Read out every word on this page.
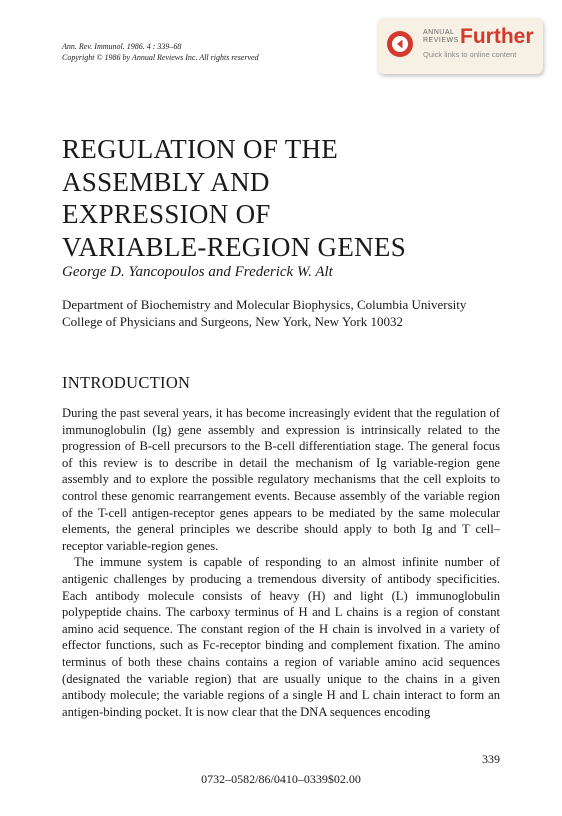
Ann. Rev. Immunol. 1986. 4 : 339–68
Copyright © 1986 by Annual Reviews Inc. All rights reserved
ANNUAL
REVIEWS Further
Quick links to online content
REGULATION OF THE
ASSEMBLY AND
EXPRESSION OF
VARIABLE-REGION GENES
George D. Yancopoulos and Frederick W. Alt
Department of Biochemistry and Molecular Biophysics, Columbia University College of Physicians and Surgeons, New York, New York 10032
INTRODUCTION

During the past several years, it has become increasingly evident that the regulation of immunoglobulin (Ig) gene assembly and expression is intrinsically related to the progression of B-cell precursors to the B-cell differentiation stage. The general focus of this review is to describe in detail the mechanism of Ig variable-region gene assembly and to explore the possible regulatory mechanisms that the cell exploits to control these genomic rearrangement events. Because assembly of the variable region of the T-cell antigen-receptor genes appears to be mediated by the same molecular elements, the general principles we describe should apply to both Ig and T cell–receptor variable-region genes.

The immune system is capable of responding to an almost infinite number of antigenic challenges by producing a tremendous diversity of antibody specificities. Each antibody molecule consists of heavy (H) and light (L) immunoglobulin polypeptide chains. The carboxy terminus of H and L chains is a region of constant amino acid sequence. The constant region of the H chain is involved in a variety of effector functions, such as Fc-receptor binding and complement fixation. The amino terminus of both these chains contains a region of variable amino acid sequences (designated the variable region) that are usually unique to the chains in a given antibody molecule; the variable regions of a single H and L chain interact to form an antigen-binding pocket. It is now clear that the DNA sequences encoding

339
0732–0582/86/0410–0339$02.00
